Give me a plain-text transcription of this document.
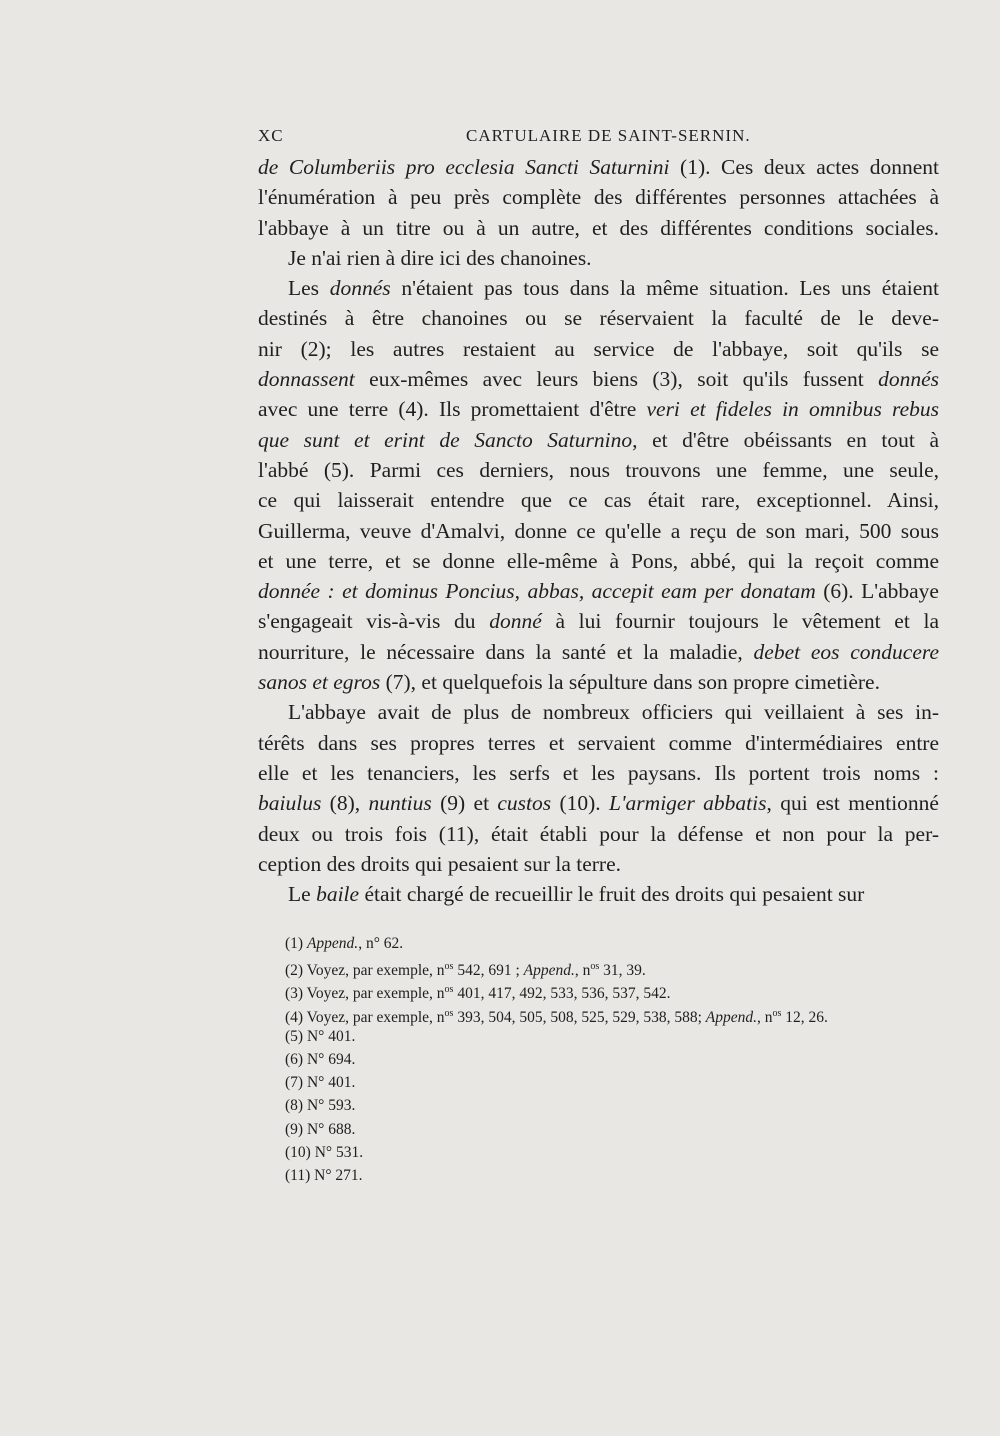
XC	CARTULAIRE DE SAINT-SERNIN.
de Columberiis pro ecclesia Sancti Saturnini (1). Ces deux actes donnent
l'énumération à peu près complète des différentes personnes attachées à
l'abbaye à un titre ou à un autre, et des différentes conditions sociales.
Je n'ai rien à dire ici des chanoines.
Les donnés n'étaient pas tous dans la même situation. Les uns étaient
destinés à être chanoines ou se réservaient la faculté de le deve-
nir (2); les autres restaient au service de l'abbaye, soit qu'ils se
donnassent eux-mêmes avec leurs biens (3), soit qu'ils fussent donnés
avec une terre (4). Ils promettaient d'être veri et fideles in omnibus rebus
que sunt et erint de Sancto Saturnino, et d'être obéissants en tout à
l'abbé (5). Parmi ces derniers, nous trouvons une femme, une seule,
ce qui laisserait entendre que ce cas était rare, exceptionnel. Ainsi,
Guillerma, veuve d'Amalvi, donne ce qu'elle a reçu de son mari, 500 sous
et une terre, et se donne elle-même à Pons, abbé, qui la reçoit comme
donnée : et dominus Poncius, abbas, accepit eam per donatam (6). L'abbaye
s'engageait vis-à-vis du donné à lui fournir toujours le vêtement et la
nourriture, le nécessaire dans la santé et la maladie, debet eos conducere
sanos et egros (7), et quelquefois la sépulture dans son propre cimetière.
L'abbaye avait de plus de nombreux officiers qui veillaient à ses in-
térêts dans ses propres terres et servaient comme d'intermédiaires entre
elle et les tenanciers, les serfs et les paysans. Ils portent trois noms :
baiulus (8), nuntius (9) et custos (10). L'armiger abbatis, qui est mentionné
deux ou trois fois (11), était établi pour la défense et non pour la per-
ception des droits qui pesaient sur la terre.
Le baile était chargé de recueillir le fruit des droits qui pesaient sur
(1) Append., n° 62.
(2) Voyez, par exemple, $n^{os}$ 542, 691 ; Append., $n^{os}$ 31, 39.
(3) Voyez, par exemple, $n^{os}$ 401, 417, 492, 533, 536, 537, 542.
(4) Voyez, par exemple, $n^{os}$ 393, 504, 505, 508, 525, 529, 538, 588; Append., $n^{os}$ 12, 26.
(5) N° 401.
(6) N° 694.
(7) N° 401.
(8) N° 593.
(9) N° 688.
(10) N° 531.
(11) N° 271.
